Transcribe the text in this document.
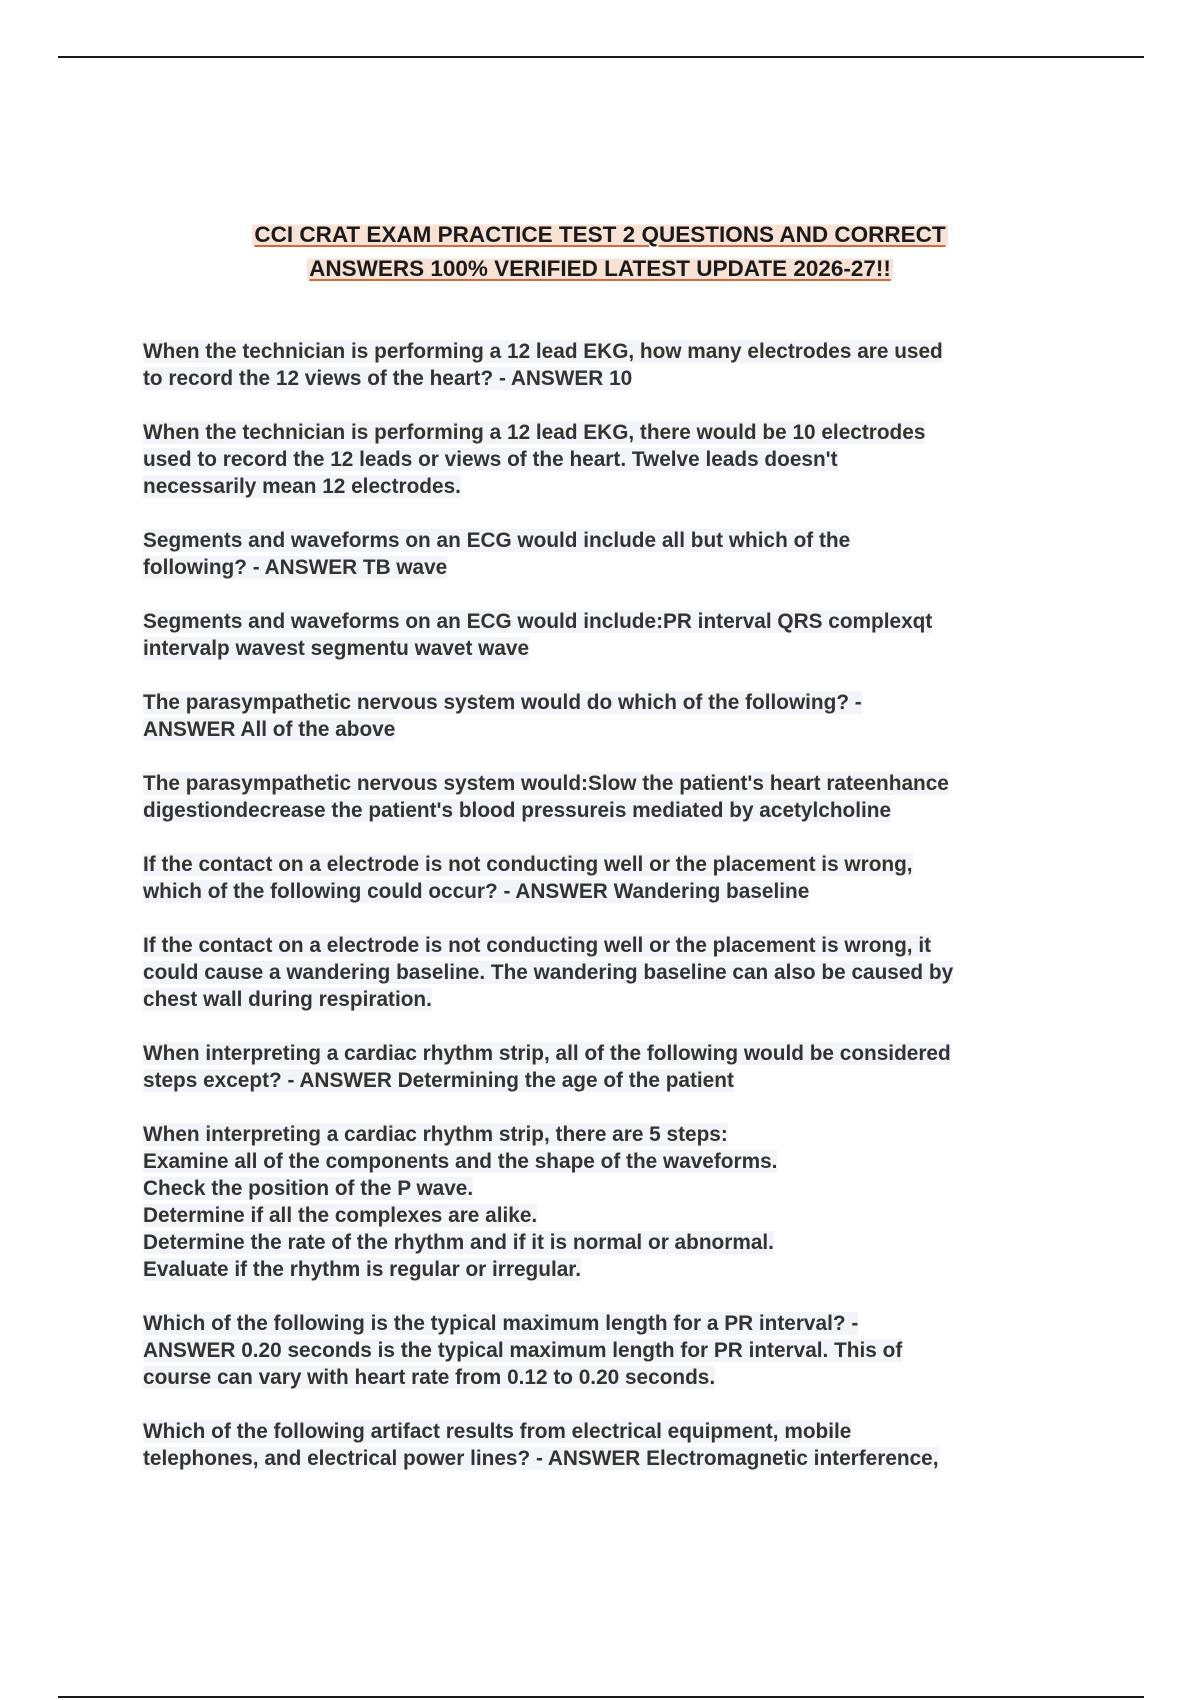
CCI CRAT EXAM PRACTICE TEST 2 QUESTIONS AND CORRECT
ANSWERS 100% VERIFIED LATEST UPDATE 2026-27!!

When the technician is performing a 12 lead EKG, how many electrodes are used
to record the 12 views of the heart? - ANSWER 10

When the technician is performing a 12 lead EKG, there would be 10 electrodes
used to record the 12 leads or views of the heart. Twelve leads doesn't
necessarily mean 12 electrodes.

Segments and waveforms on an ECG would include all but which of the
following? - ANSWER TB wave

Segments and waveforms on an ECG would include:PR interval QRS complexqt
intervalp wavest segmentu wavet wave

The parasympathetic nervous system would do which of the following? -
ANSWER All of the above

The parasympathetic nervous system would:Slow the patient's heart rateenhance
digestiondecrease the patient's blood pressureis mediated by acetylcholine

If the contact on a electrode is not conducting well or the placement is wrong,
which of the following could occur? - ANSWER Wandering baseline

If the contact on a electrode is not conducting well or the placement is wrong, it
could cause a wandering baseline. The wandering baseline can also be caused by
chest wall during respiration.

When interpreting a cardiac rhythm strip, all of the following would be considered
steps except? - ANSWER Determining the age of the patient

When interpreting a cardiac rhythm strip, there are 5 steps:
Examine all of the components and the shape of the waveforms.
Check the position of the P wave.
Determine if all the complexes are alike.
Determine the rate of the rhythm and if it is normal or abnormal.
Evaluate if the rhythm is regular or irregular.

Which of the following is the typical maximum length for a PR interval? -
ANSWER 0.20 seconds is the typical maximum length for PR interval. This of
course can vary with heart rate from 0.12 to 0.20 seconds.

Which of the following artifact results from electrical equipment, mobile
telephones, and electrical power lines? - ANSWER Electromagnetic interference,
